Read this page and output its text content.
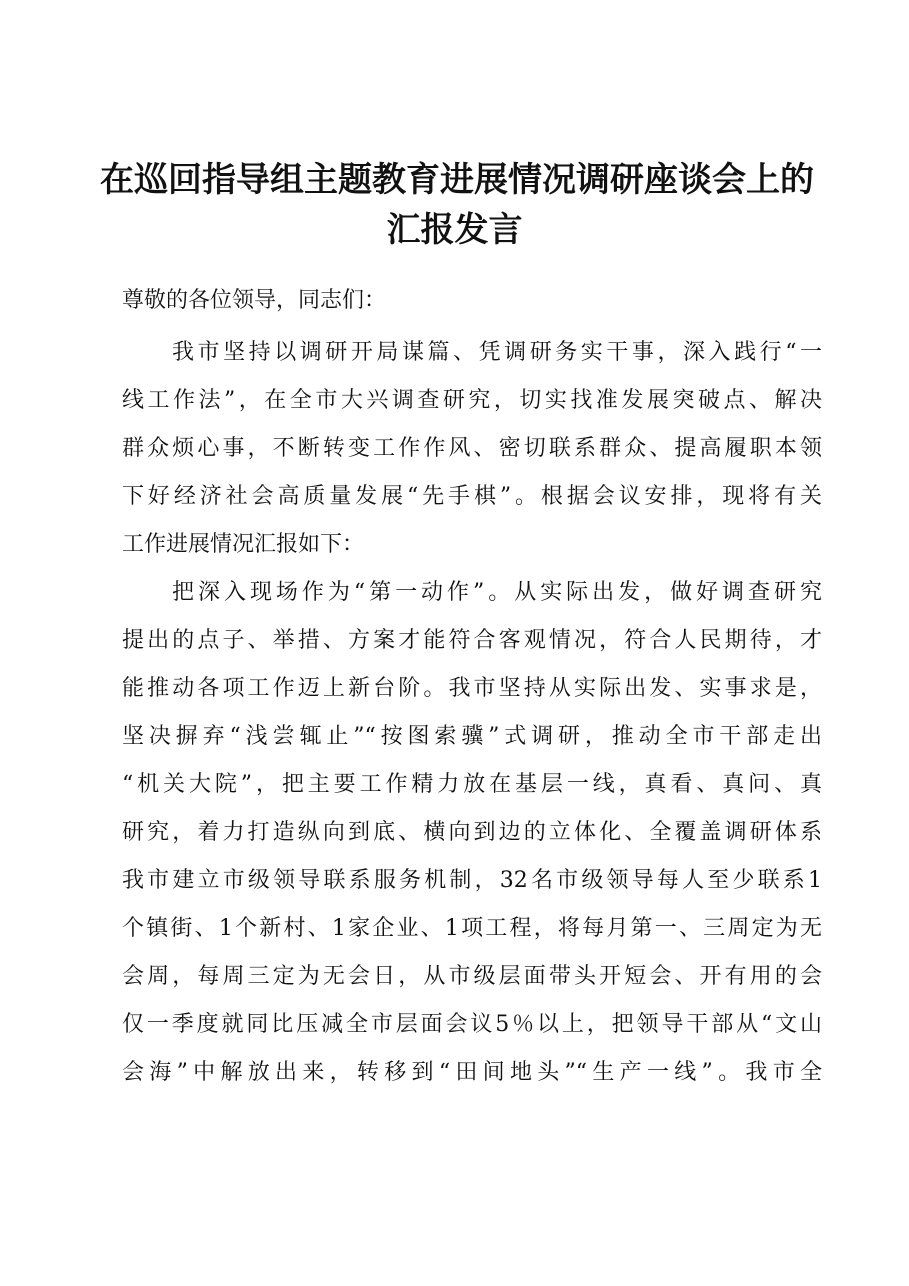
在巡回指导组主题教育进展情况调研座谈会上的
汇报发言
尊敬的各位领导，同志们：
我市坚持以调研开局谋篇、凭调研务实干事，深入践行“一
线工作法”，在全市大兴调查研究，切实找准发展突破点、解决
群众烦心事，不断转变工作作风、密切联系群众、提高履职本领
下好经济社会高质量发展“先手棋”。根据会议安排，现将有关
工作进展情况汇报如下：
把深入现场作为“第一动作”。从实际出发，做好调查研究
提出的点子、举措、方案才能符合客观情况，符合人民期待，才
能推动各项工作迈上新台阶。我市坚持从实际出发、实事求是，
坚决摒弃“浅尝辄止”“按图索骥”式调研，推动全市干部走出
“机关大院”，把主要工作精力放在基层一线，真看、真问、真
研究，着力打造纵向到底、横向到边的立体化、全覆盖调研体系
我市建立市级领导联系服务机制，32名市级领导每人至少联系1
个镇街、1个新村、1家企业、1项工程，将每月第一、三周定为无
会周，每周三定为无会日，从市级层面带头开短会、开有用的会
仅一季度就同比压减全市层面会议5％以上，把领导干部从“文山
会海”中解放出来，转移到“田间地头”“生产一线”。我市全
